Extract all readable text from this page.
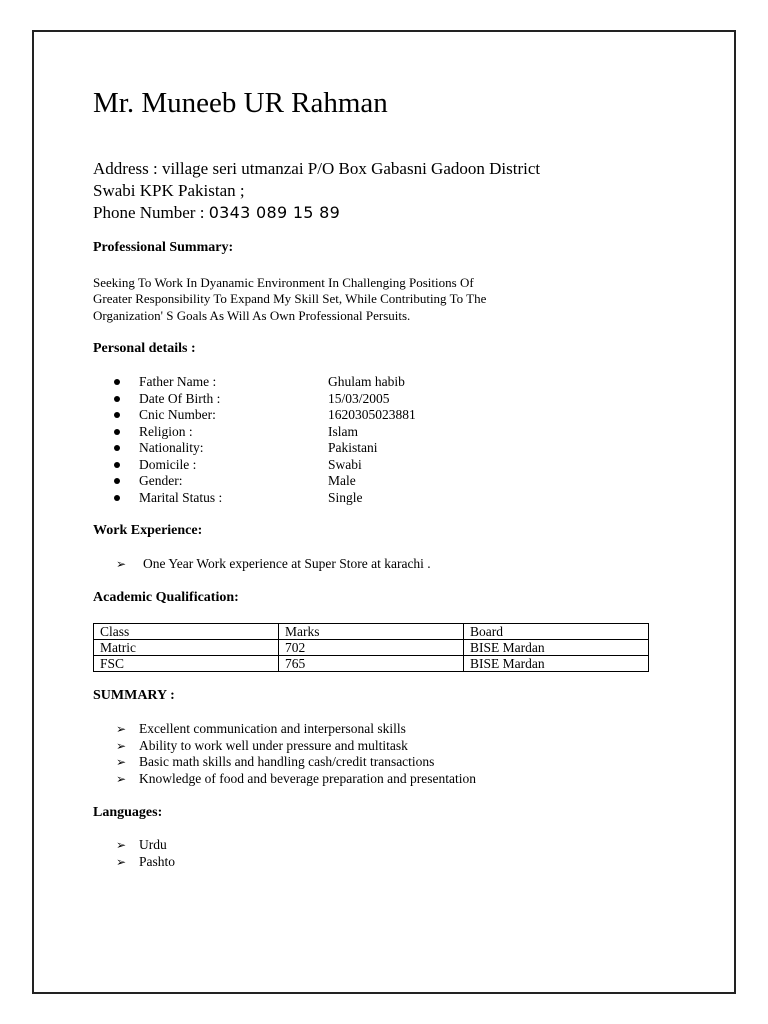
Mr. Muneeb UR Rahman
Address : village seri utmanzai P/O Box Gabasni Gadoon District
Swabi KPK Pakistan ;
Phone Number : 0343 089 15 89
Professional Summary:
Seeking To Work In Dyanamic Environment In Challenging Positions Of
Greater Responsibility To Expand My Skill Set, While Contributing To The
Organization' S Goals As Will As Own Professional Persuits.
Personal details :
Father Name :	Ghulam habib
Date Of Birth :	15/03/2005
Cnic Number:	1620305023881
Religion :	Islam
Nationality:	Pakistani
Domicile :	Swabi
Gender:	Male
Marital Status :	Single
Work Experience:
➢ One Year Work experience at Super Store at karachi .
Academic Qualification:
Class	Marks	Board
Matric	702	BISE Mardan
FSC	765	BISE Mardan
SUMMARY :
➢ Excellent communication and interpersonal skills
➢ Ability to work well under pressure and multitask
➢ Basic math skills and handling cash/credit transactions
➢ Knowledge of food and beverage preparation and presentation
Languages:
➢ Urdu
➢ Pashto
